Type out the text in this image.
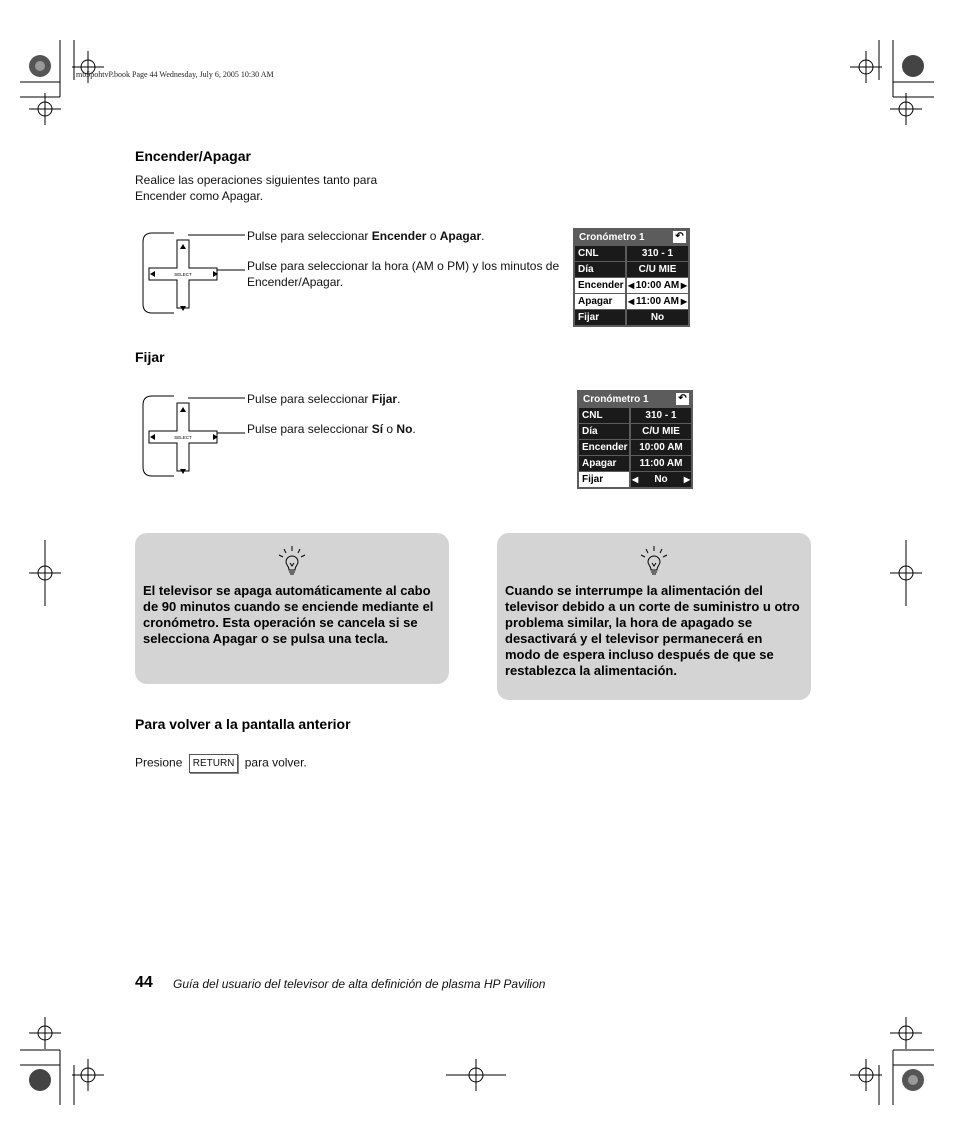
mb5pohtvP.book Page 44 Wednesday, July 6, 2005 10:30 AM
Encender/Apagar
Realice las operaciones siguientes tanto para Encender como Apagar.
SELECT
Pulse para seleccionar Encender o Apagar.
Pulse para seleccionar la hora (AM o PM) y los minutos de Encender/Apagar.
Cronómetro 1	↶
CNL	310 - 1
Día	C/U MIE
Encender ◀ 10:00 AM ▶
Apagar	◀ 11:00 AM ▶
Fijar	No
Fijar
SELECT
Pulse para seleccionar Fijar.
Pulse para seleccionar Sí o No.
Cronómetro 1	↶
CNL	310 - 1
Día	C/U MIE
Encender	10:00 AM
Apagar	11:00 AM
Fijar	◀ No ▶

El televisor se apaga automáticamente al cabo de 90 minutos cuando se enciende mediante el cronómetro. Esta operación se cancela si se selecciona Apagar o se pulsa una tecla.

Cuando se interrumpe la alimentación del televisor debido a un corte de suministro u otro problema similar, la hora de apagado se desactivará y el televisor permanecerá en modo de espera incluso después de que se restablezca la alimentación.

Para volver a la pantalla anterior
Presione RETURN para volver.
44 Guía del usuario del televisor de alta definición de plasma HP Pavilion
